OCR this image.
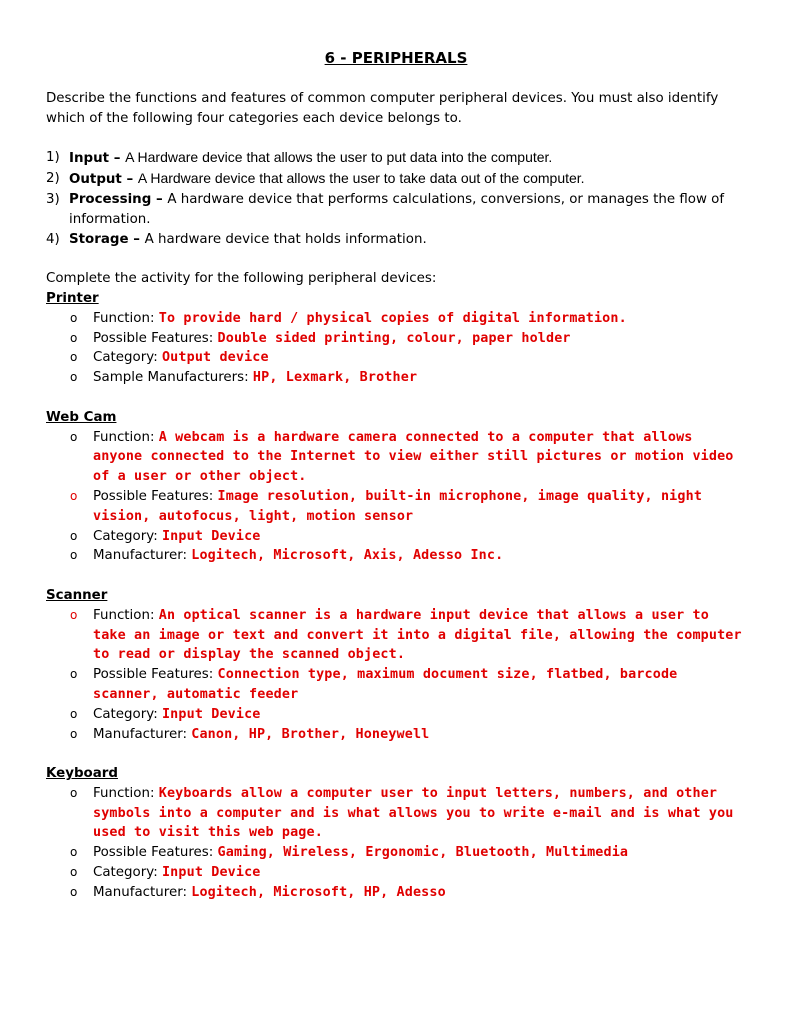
6 - PERIPHERALS

Describe the functions and features of common computer peripheral devices. You must also identify which of the following four categories each device belongs to.

1) Input – A Hardware device that allows the user to put data into the computer.
2) Output – A Hardware device that allows the user to take data out of the computer.
3) Processing – A hardware device that performs calculations, conversions, or manages the flow of information.
4) Storage – A hardware device that holds information.

Complete the activity for the following peripheral devices:

Printer
o Function: To provide hard / physical copies of digital information.
o Possible Features: Double sided printing, colour, paper holder
o Category: Output device
o Sample Manufacturers: HP, Lexmark, Brother
Web Cam
o Function: A webcam is a hardware camera connected to a computer that allows anyone connected to the Internet to view either still pictures or motion video of a user or other object.
o Possible Features: Image resolution, built-in microphone, image quality, night vision, autofocus, light, motion sensor
o Category: Input Device
o Manufacturer: Logitech, Microsoft, Axis, Adesso Inc.
Scanner
o Function: An optical scanner is a hardware input device that allows a user to take an image or text and convert it into a digital file, allowing the computer to read or display the scanned object.
o Possible Features: Connection type, maximum document size, flatbed, barcode scanner, automatic feeder
o Category: Input Device
o Manufacturer: Canon, HP, Brother, Honeywell
Keyboard
o Function: Keyboards allow a computer user to input letters, numbers, and other symbols into a computer and is what allows you to write e-mail and is what you used to visit this web page.
o Possible Features: Gaming, Wireless, Ergonomic, Bluetooth, Multimedia
o Category: Input Device
o Manufacturer: Logitech, Microsoft, HP, Adesso
